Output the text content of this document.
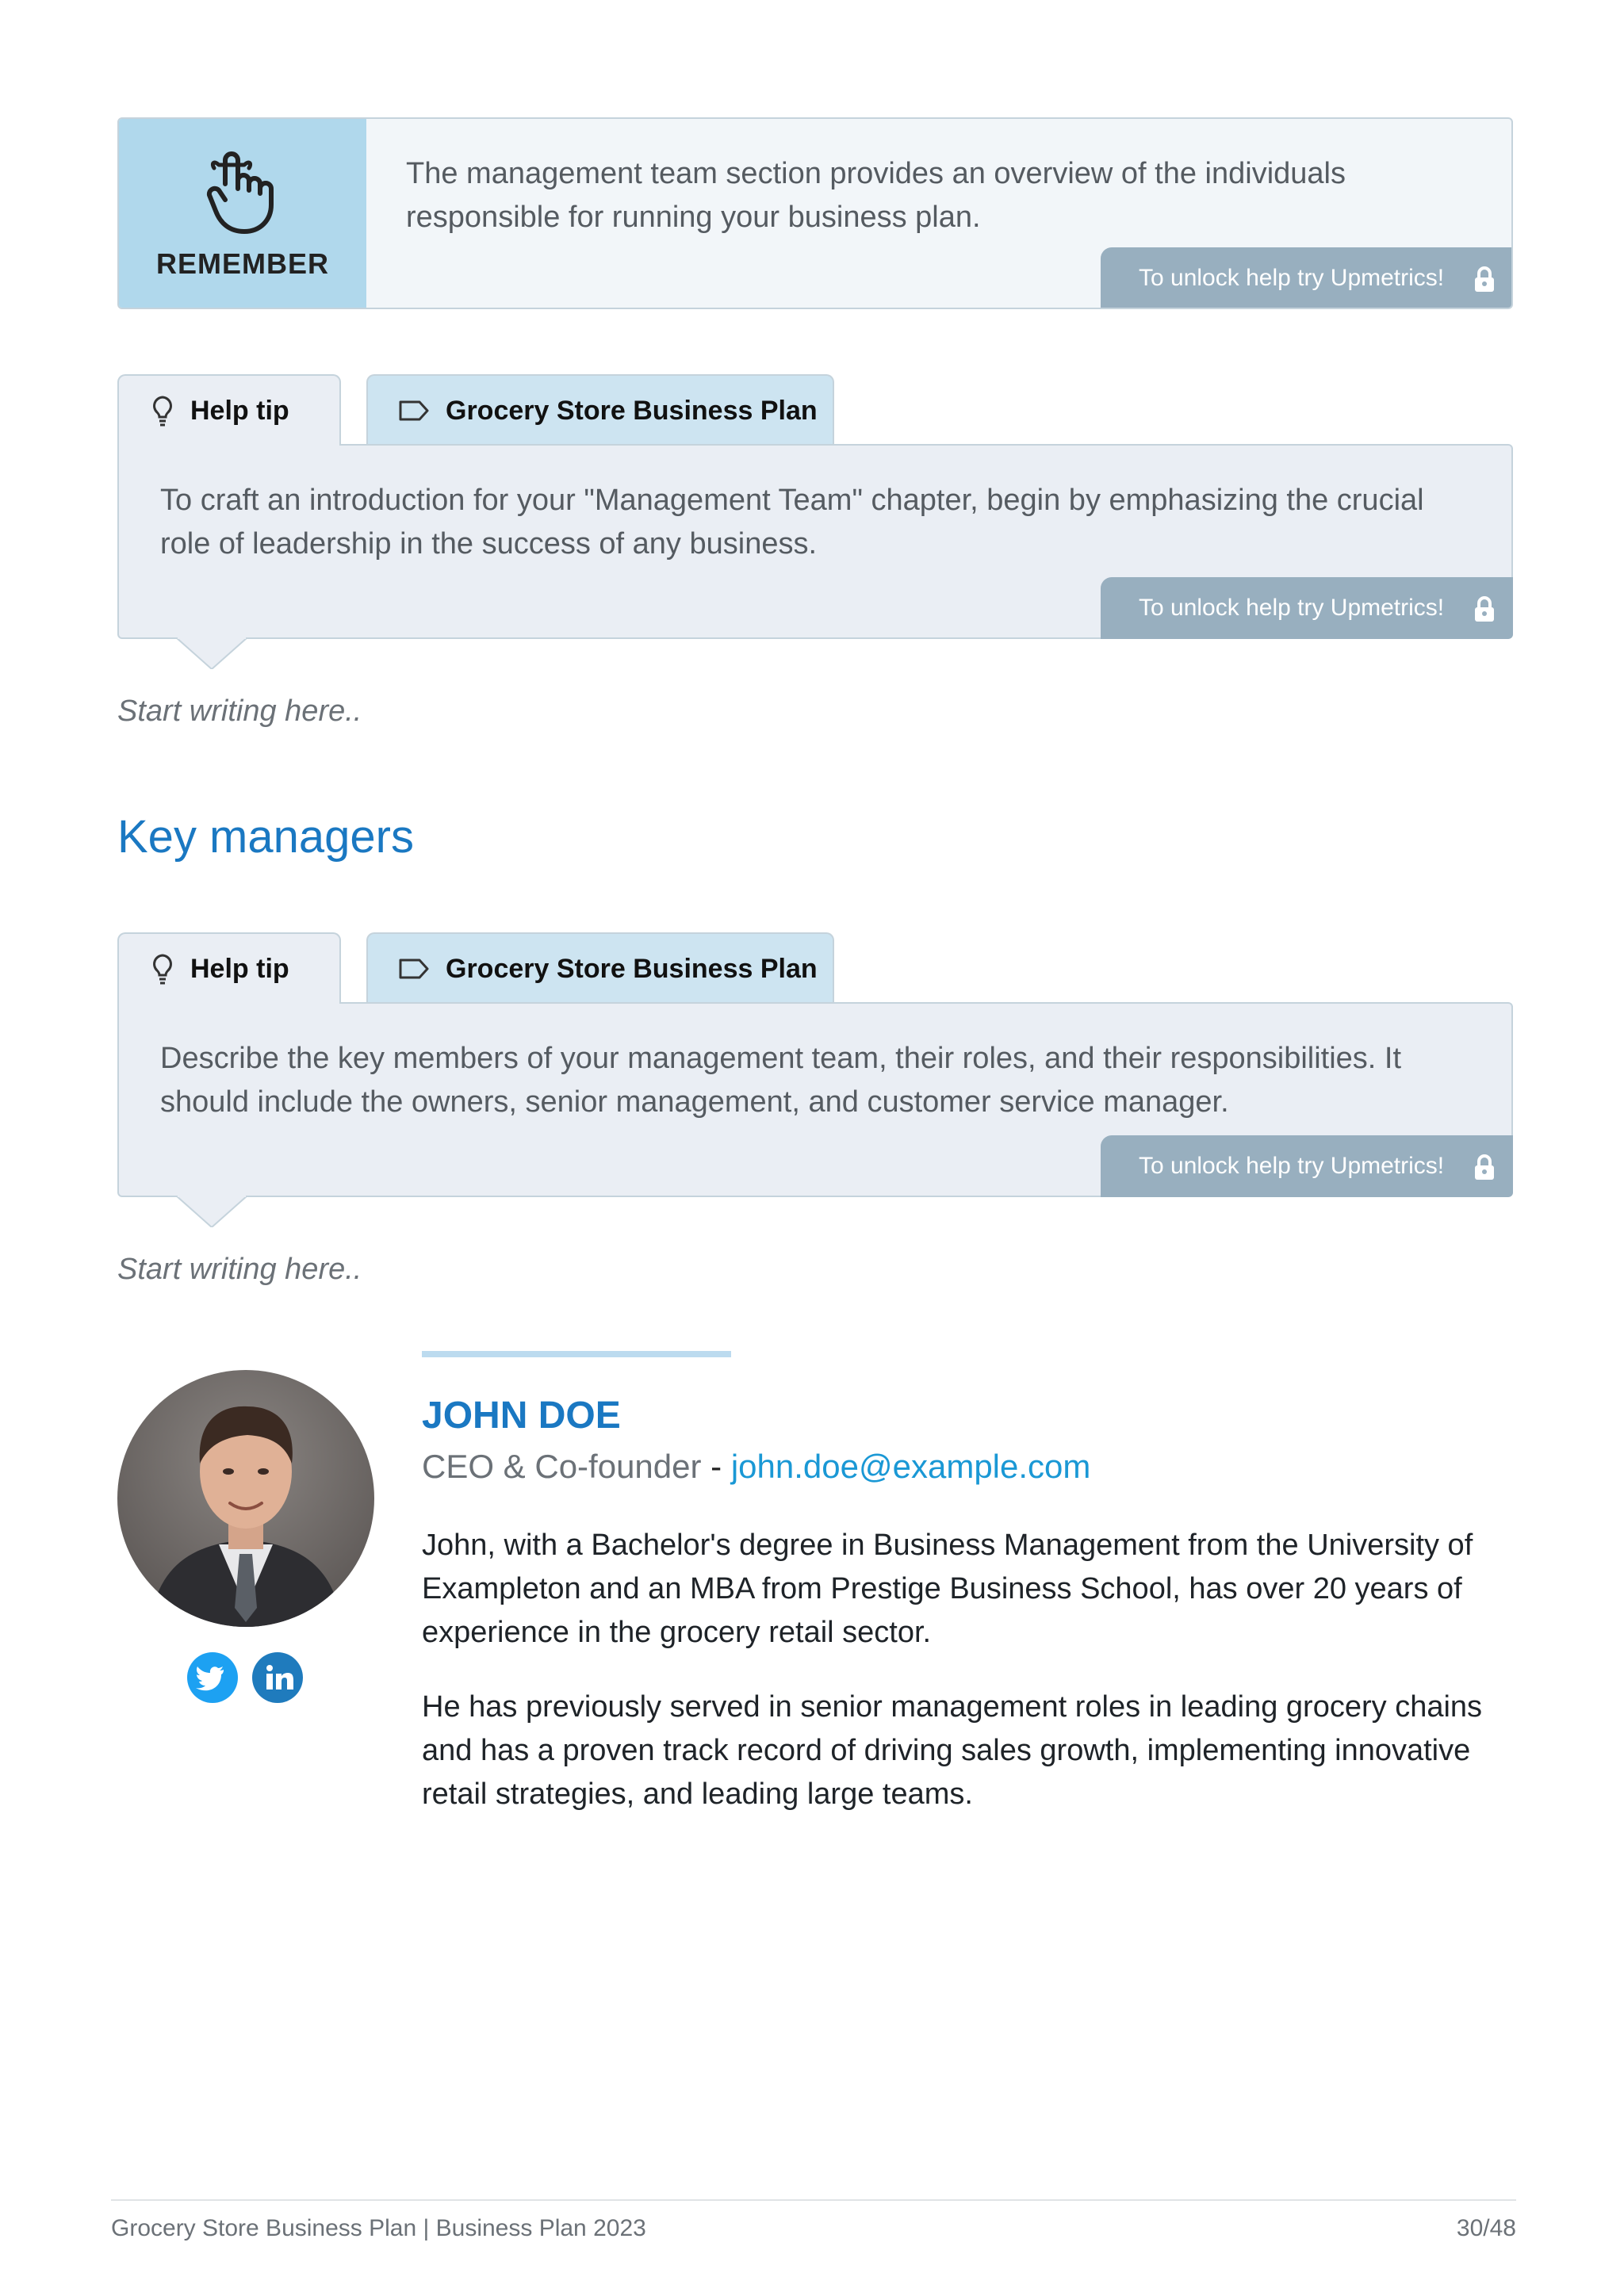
REMEMBER
The management team section provides an overview of the individuals responsible for running your business plan.
To unlock help try Upmetrics!
Help tip	Grocery Store Business Plan
To craft an introduction for your "Management Team" chapter, begin by emphasizing the crucial role of leadership in the success of any business.
To unlock help try Upmetrics!
Start writing here..
Key managers
Help tip	Grocery Store Business Plan
Describe the key members of your management team, their roles, and their responsibilities. It should include the owners, senior management, and customer service manager.
To unlock help try Upmetrics!
Start writing here..
JOHN DOE
CEO & Co-founder - john.doe@example.com
John, with a Bachelor's degree in Business Management from the University of Exampleton and an MBA from Prestige Business School, has over 20 years of experience in the grocery retail sector.
He has previously served in senior management roles in leading grocery chains and has a proven track record of driving sales growth, implementing innovative retail strategies, and leading large teams.
Grocery Store Business Plan | Business Plan 2023	30/48
